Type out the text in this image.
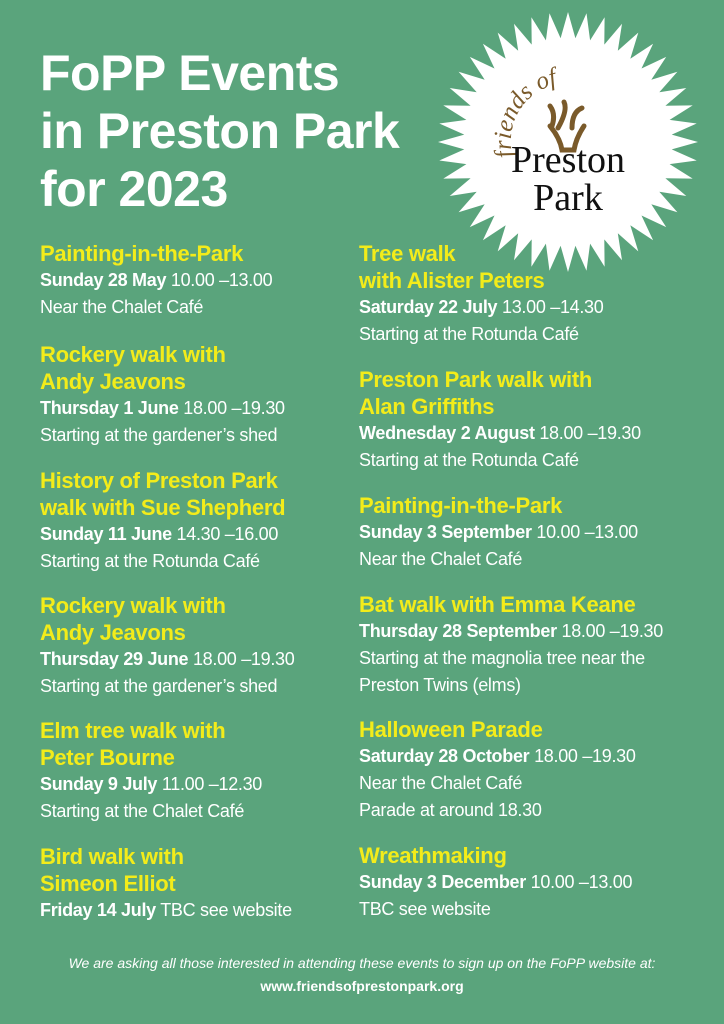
FoPP Events
in Preston Park
for 2023
friends of
Preston
Park
Painting-in-the-Park
Sunday 28 May 10.00 –13.00
Near the Chalet Café
Rockery walk with
Andy Jeavons
Thursday 1 June 18.00 –19.30
Starting at the gardener’s shed
History of Preston Park
walk with Sue Shepherd
Sunday 11 June 14.30 –16.00
Starting at the Rotunda Café
Rockery walk with
Andy Jeavons
Thursday 29 June 18.00 –19.30
Starting at the gardener’s shed
Elm tree walk with
Peter Bourne
Sunday 9 July 11.00 –12.30
Starting at the Chalet Café
Bird walk with
Simeon Elliot
Friday 14 July TBC see website
Tree walk
with Alister Peters
Saturday 22 July 13.00 –14.30
Starting at the Rotunda Café
Preston Park walk with
Alan Griffiths
Wednesday 2 August 18.00 –19.30
Starting at the Rotunda Café
Painting-in-the-Park
Sunday 3 September 10.00 –13.00
Near the Chalet Café
Bat walk with Emma Keane
Thursday 28 September 18.00 –19.30
Starting at the magnolia tree near the
Preston Twins (elms)
Halloween Parade
Saturday 28 October 18.00 –19.30
Near the Chalet Café
Parade at around 18.30
Wreathmaking
Sunday 3 December 10.00 –13.00
TBC see website
We are asking all those interested in attending these events to sign up on the FoPP website at:
www.friendsofprestonpark.org
